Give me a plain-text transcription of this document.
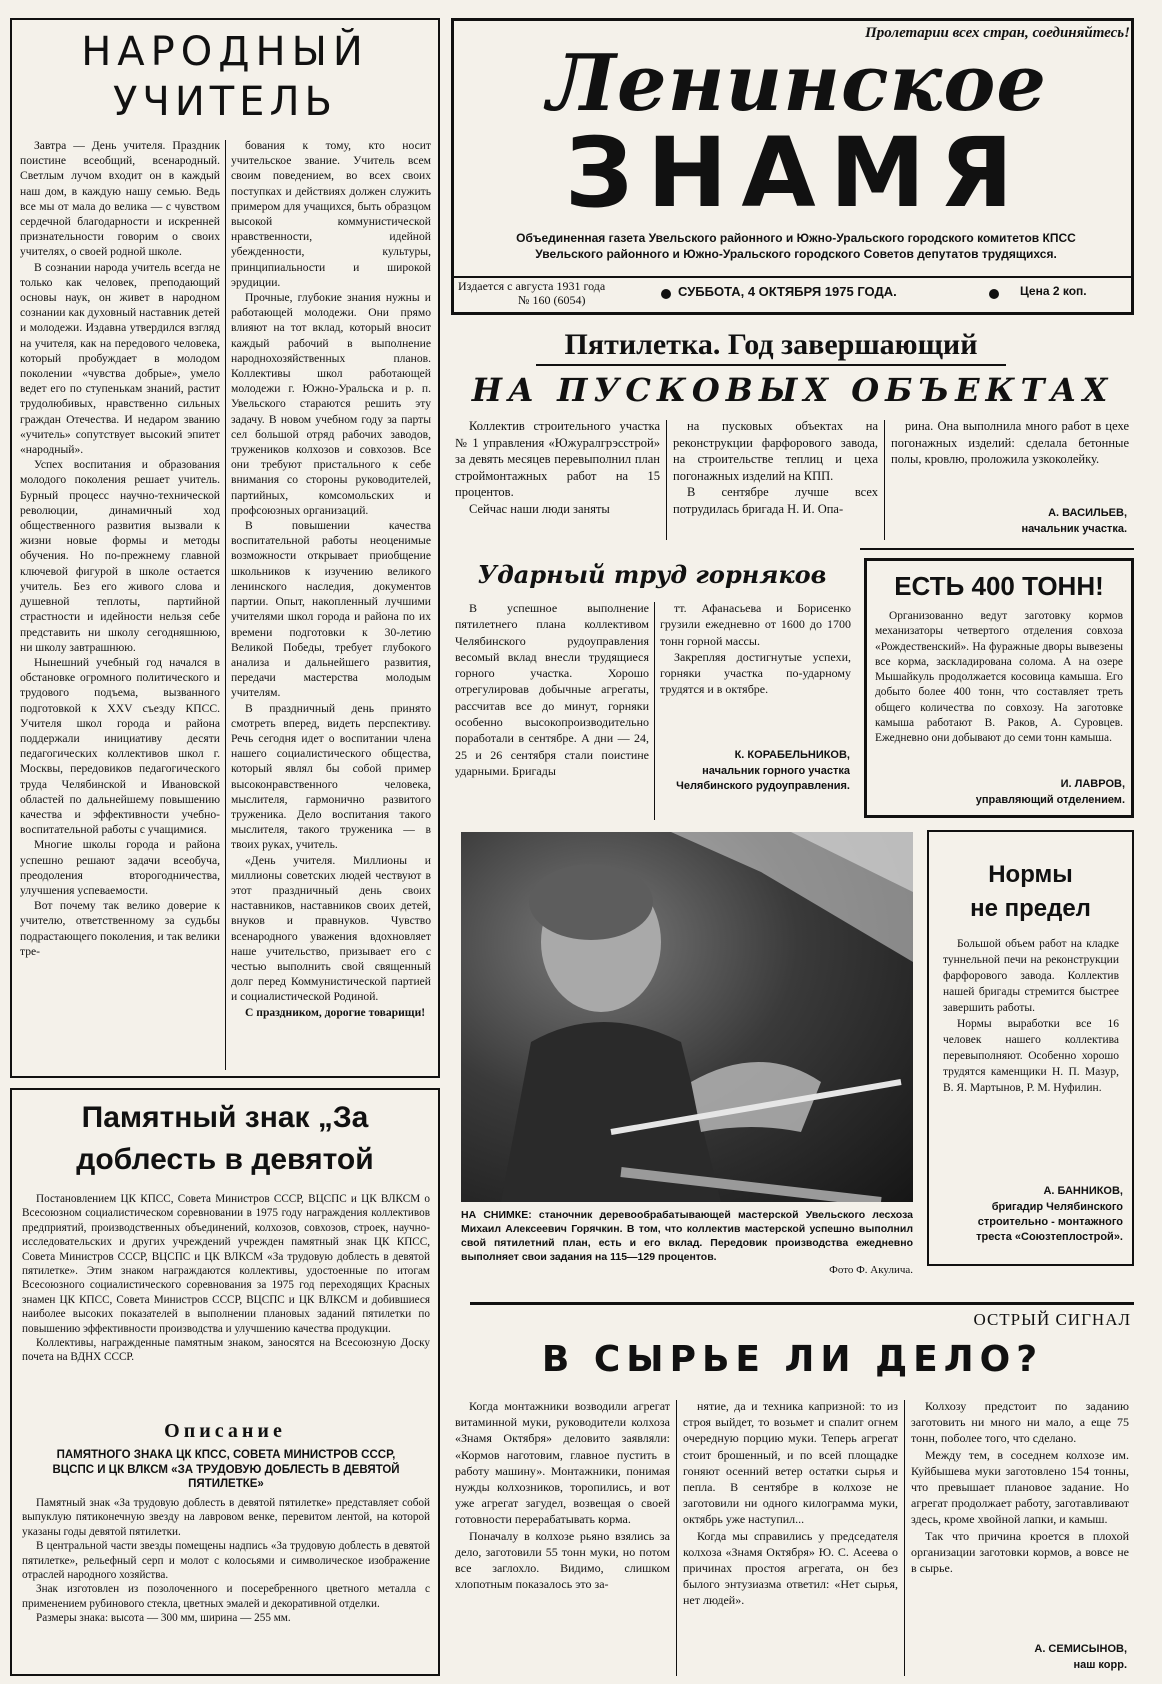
Пролетарии всех стран, соединяйтесь!
Ленинское
ЗНАМЯ
Объединенная газета Увельского районного и Южно-Уральского городского комитетов КПСС
Увельского районного и Южно-Уральского городского Советов депутатов трудящихся.
Издается с августа 1931 года
№ 160 (6054)
СУББОТА, 4 ОКТЯБРЯ 1975 ГОДА.	Цена 2 коп.
НАРОДНЫЙ
УЧИТЕЛЬ

Завтра — День учителя. Праздник поистине всеобщий, всенародный. Светлым лучом входит он в каждый наш дом, в каждую нашу семью. Ведь все мы от мала до велика — с чувством сердечной благодарности и искренней признательности говорим о своих учителях, о своей родной школе.

В сознании народа учитель всегда не только как человек, преподающий основы наук, он живет в народном сознании как духовный наставник детей и молодежи. Издавна утвердился взгляд на учителя, как на передового человека, который пробуждает в молодом поколении «чувства добрые», умело ведет его по ступенькам знаний, растит трудолюбивых, нравственно сильных граждан Отечества. И недаром званию «учитель» сопутствует высокий эпитет «народный».

Успех воспитания и образования молодого поколения решает учитель. Бурный процесс научно-технической революции, динамичный ход общественного развития вызвали к жизни новые формы и методы обучения. Но по-прежнему главной ключевой фигурой в школе остается учитель. Без его живого слова и душевной теплоты, партийной страстности и идейности нельзя себе представить ни школу сегодняшнюю, ни школу завтрашнюю.

Нынешний учебный год начался в обстановке огромного политического и трудового подъема, вызванного подготовкой к XXV съезду КПСС. Учителя школ города и района поддержали инициативу десяти педагогических коллективов школ г. Москвы, передовиков педагогического труда Челябинской и Ивановской областей по дальнейшему повышению качества и эффективности учебно-воспитательной работы с учащимися.

Многие школы города и района успешно решают задачи всеобуча, преодоления второгодничества, улучшения успеваемости.

Вот почему так велико доверие к учителю, ответственному за судьбы подрастающего поколения, и так велики тре-

бования к тому, кто носит учительское звание. Учитель всем своим поведением, во всех своих поступках и действиях должен служить примером для учащихся, быть образцом высокой коммунистической нравственности, идейной убежденности, культуры, принципиальности и широкой эрудиции.

Прочные, глубокие знания нужны и работающей молодежи. Они прямо влияют на тот вклад, который вносит каждый рабочий в выполнение народнохозяйственных планов. Коллективы школ работающей молодежи г. Южно-Уральска и р. п. Увельского стараются решить эту задачу. В новом учебном году за парты сел большой отряд рабочих заводов, тружеников колхозов и совхозов. Все они требуют пристального к себе внимания со стороны руководителей, партийных, комсомольских и профсоюзных организаций.

В повышении качества воспитательной работы неоценимые возможности открывает приобщение школьников к изучению великого ленинского наследия, документов партии. Опыт, накопленный лучшими учителями школ города и района по их времени подготовки к 30-летию Великой Победы, требует глубокого анализа и дальнейшего развития, передачи мастерства молодым учителям.

В праздничный день принято смотреть вперед, видеть перспективу. Речь сегодня идет о воспитании члена нашего социалистического общества, который являл бы собой пример высоконравственного человека, мыслителя, гармонично развитого труженика. Дело воспитания такого мыслителя, такого труженика — в твоих руках, учитель.

«День учителя. Миллионы и миллионы советских людей чествуют в этот праздничный день своих наставников, наставников своих детей, внуков и правнуков. Чувство всенародного уважения вдохновляет наше учительство, призывает его с честью выполнить свой священный долг перед Коммунистической партией и социалистической Родиной.

С праздником, дорогие товарищи!

Памятный знак „За
доблесть в девятой

Постановлением ЦК КПСС, Совета Министров СССР, ВЦСПС и ЦК ВЛКСМ о Всесоюзном социалистическом соревновании в 1975 году награждения коллективов предприятий, производственных объединений, колхозов, совхозов, строек, научно-исследовательских и других учреждений учрежден памятный знак ЦК КПСС, Совета Министров СССР, ВЦСПС и ЦК ВЛКСМ «За трудовую доблесть в девятой пятилетке». Этим знаком награждаются коллективы, удостоенные по итогам Всесоюзного социалистического соревнования за 1975 год переходящих Красных знамен ЦК КПСС, Совета Министров СССР, ВЦСПС и ЦК ВЛКСМ и добившиеся наиболее высоких показателей в выполнении плановых заданий пятилетки по повышению эффективности производства и улучшению качества продукции.

Коллективы, награжденные памятным знаком, заносятся на Всесоюзную Доску почета на ВДНХ СССР.

Описание
ПАМЯТНОГО ЗНАКА ЦК КПСС, СОВЕТА МИНИСТРОВ СССР, ВЦСПС И ЦК ВЛКСМ «ЗА ТРУДОВУЮ ДОБЛЕСТЬ В ДЕВЯТОЙ ПЯТИЛЕТКЕ»

Памятный знак «За трудовую доблесть в девятой пятилетке» представляет собой выпуклую пятиконечную звезду на лавровом венке, перевитом лентой, на которой указаны годы девятой пятилетки.

В центральной части звезды помещены надпись «За трудовую доблесть в девятой пятилетке», рельефный серп и молот с колосьями и символическое изображение отраслей народного хозяйства.

Знак изготовлен из позолоченного и посеребренного цветного металла с применением рубинового стекла, цветных эмалей и декоративной отделки.

Размеры знака: высота — 300 мм, ширина — 255 мм.

Пятилетка. Год завершающий
НА ПУСКОВЫХ ОБЪЕКТАХ

Коллектив строительного участка № 1 управления «Южуралгрэсстрой» за девять месяцев перевыполнил план строймонтажных работ на 15 процентов.

Сейчас наши люди заняты

на пусковых объектах на реконструкции фарфорового завода, на строительстве теплиц и цеха погонажных изделий на КПП.

В сентябре лучше всех потрудилась бригада Н. И. Опа-

рина. Она выполнила много работ в цехе погонажных изделий: сделала бетонные полы, кровлю, проложила узкоколейку.

А. ВАСИЛЬЕВ,
начальник участка.
Ударный труд горняков

В успешное выполнение пятилетнего плана коллективом Челябинского рудоуправления весомый вклад внесли трудящиеся горного участка. Хорошо отрегулировав добычные агрегаты, рассчитав все до минут, горняки особенно высокопроизводительно поработали в сентябре. А дни — 24, 25 и 26 сентября стали поистине ударными. Бригады

тт. Афанасьева и Борисенко грузили ежедневно от 1600 до 1700 тонн горной массы.

Закрепляя достигнутые успехи, горняки участка по-ударному трудятся и в октябре.

К. КОРАБЕЛЬНИКОВ,
начальник горного участка Челябинского рудоуправления.
ЕСТЬ 400 ТОНН!

Организованно ведут заготовку кормов механизаторы четвертого отделения совхоза «Рождественский». На фуражные дворы вывезены все корма, заскладирована солома. А на озере Мышайкуль продолжается косовица камыша. Его добыто более 400 тонн, что составляет треть общего количества по совхозу. На заготовке камыша работают В. Раков, А. Суровцев. Ежедневно они добывают до семи тонн камыша.

И. ЛАВРОВ,
управляющий отделением.
НА СНИМКЕ: станочник деревообрабатывающей мастерской Увельского лесхоза Михаил Алексеевич Горячкин. В том, что коллектив мастерской успешно выполнил свой пятилетний план, есть и его вклад. Передовик производства ежедневно выполняет свои задания на 115—129 процентов.
Фото Ф. Акулича.
Нормы
не предел

Большой объем работ на кладке туннельной печи на реконструкции фарфорового завода. Коллектив нашей бригады стремится быстрее завершить работы.

Нормы выработки все 16 человек нашего коллектива перевыполняют. Особенно хорошо трудятся каменщики Н. П. Мазур, В. Я. Мартынов, Р. М. Нуфилин.

А. БАННИКОВ,
бригадир Челябинского строительно - монтажного треста «Союзтеплострой».
ОСТРЫЙ СИГНАЛ
В СЫРЬЕ ЛИ ДЕЛО?

Когда монтажники возводили агрегат витаминной муки, руководители колхоза «Знамя Октября» деловито заявляли: «Кормов наготовим, главное пустить в работу машину». Монтажники, понимая нужды колхозников, торопились, и вот уже агрегат загудел, возвещая о своей готовности перерабатывать корма.

Поначалу в колхозе рьяно взялись за дело, заготовили 55 тонн муки, но потом все заглохло. Видимо, слишком хлопотным показалось это за-

нятие, да и техника капризной: то из строя выйдет, то возьмет и спалит огнем очередную порцию муки. Теперь агрегат стоит брошенный, и по всей площадке гоняют осенний ветер остатки сырья и пепла. В сентябре в колхозе не заготовили ни одного килограмма муки, октябрь уже наступил...

Когда мы справились у председателя колхоза «Знамя Октября» Ю. С. Асеева о причинах простоя агрегата, он без былого энтузиазма ответил: «Нет сырья, нет людей».

Колхозу предстоит по заданию заготовить ни много ни мало, а еще 75 тонн, поболее того, что сделано.

Между тем, в соседнем колхозе им. Куйбышева муки заготовлено 154 тонны, что превышает плановое задание. Но агрегат продолжает работу, заготавливают здесь, кроме хвойной лапки, и камыш.

Так что причина кроется в плохой организации заготовки кормов, а вовсе не в сырье.

А. СЕМИСЫНОВ,
наш корр.
